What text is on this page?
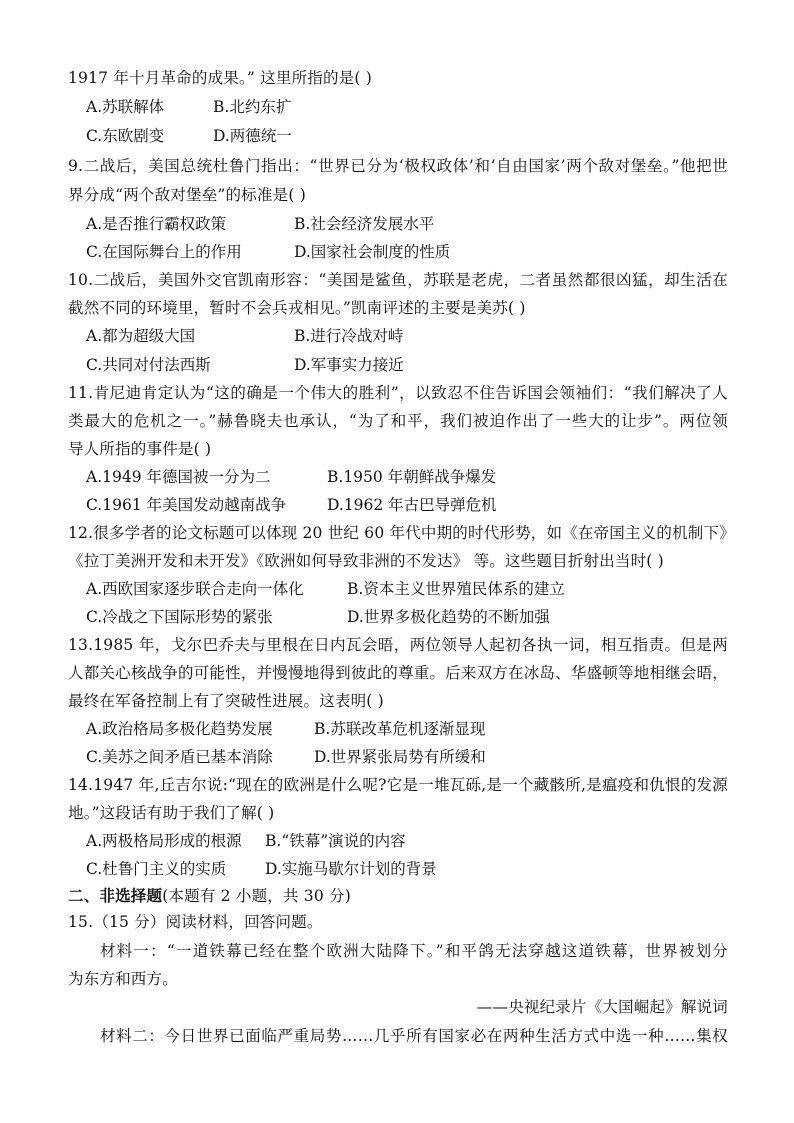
1917 年十月革命的成果。” 这里所指的是( )
A.苏联解体	B.北约东扩
C.东欧剧变	D.两德统一
9.二战后，美国总统杜鲁门指出：“世界已分为‘极权政体’和‘自由国家’两个敌对堡垒。”他把世
界分成“两个敌对堡垒”的标准是( )
A.是否推行霸权政策	B.社会经济发展水平
C.在国际舞台上的作用	D.国家社会制度的性质
10.二战后，美国外交官凯南形容：“美国是鲨鱼，苏联是老虎，二者虽然都很凶猛，却生活在
截然不同的环境里，暂时不会兵戎相见。”凯南评述的主要是美苏( )
A.都为超级大国	B.进行冷战对峙
C.共同对付法西斯	D.军事实力接近
11.肯尼迪肯定认为“这的确是一个伟大的胜利”，以致忍不住告诉国会领袖们：“我们解决了人
类最大的危机之一。”赫鲁晓夫也承认，“为了和平，我们被迫作出了一些大的让步”。两位领
导人所指的事件是( )
A.1949 年德国被一分为二	B.1950 年朝鲜战争爆发
C.1961 年美国发动越南战争	D.1962 年古巴导弹危机
12.很多学者的论文标题可以体现 20 世纪 60 年代中期的时代形势，如《在帝国主义的机制下》
《拉丁美洲开发和未开发》《欧洲如何导致非洲的不发达》 等。这些题目折射出当时( )
A.西欧国家逐步联合走向一体化	B.资本主义世界殖民体系的建立
C.冷战之下国际形势的紧张	D.世界多极化趋势的不断加强
13.1985 年，戈尔巴乔夫与里根在日内瓦会晤，两位领导人起初各执一词，相互指责。但是两
人都关心核战争的可能性，并慢慢地得到彼此的尊重。后来双方在冰岛、华盛顿等地相继会晤，
最终在军备控制上有了突破性进展。这表明( )
A.政治格局多极化趋势发展	B.苏联改革危机逐渐显现
C.美苏之间矛盾已基本消除	D.世界紧张局势有所缓和
14.1947 年,丘吉尔说:“现在的欧洲是什么呢?它是一堆瓦砾,是一个藏骸所,是瘟疫和仇恨的发源
地。”这段话有助于我们了解( )
A.两极格局形成的根源 B.“铁幕”演说的内容
C.杜鲁门主义的实质	D.实施马歇尔计划的背景
二、非选择题(本题有 2 小题，共 30 分)
15.（15 分）阅读材料，回答问题。
材料一：“一道铁幕已经在整个欧洲大陆降下。”和平鸽无法穿越这道铁幕，世界被划分
为东方和西方。
——央视纪录片《大国崛起》解说词
材料二：今日世界已面临严重局势……几乎所有国家必在两种生活方式中选一种……集权
